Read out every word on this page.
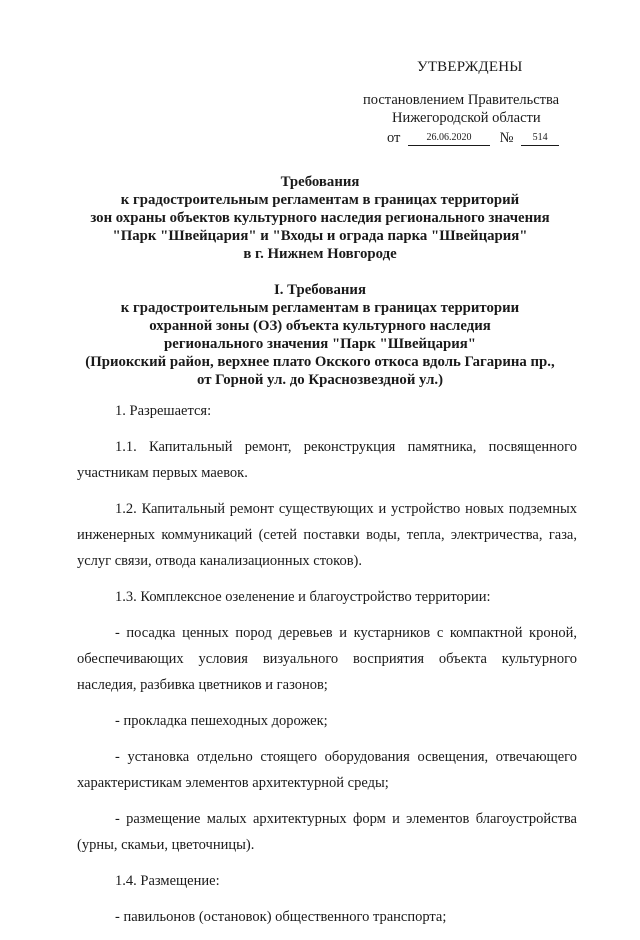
УТВЕРЖДЕНЫ
постановлением Правительства
Нижегородской области
от	26.06.2020 № 514
Требования
к градостроительным регламентам в границах территорий
зон охраны объектов культурного наследия регионального значения
"Парк "Швейцария" и "Входы и ограда парка "Швейцария"
в г. Нижнем Новгороде
I. Требования
к градостроительным регламентам в границах территории
охранной зоны (ОЗ) объекта культурного наследия
регионального значения "Парк "Швейцария"
(Приокский район, верхнее плато Окского откоса вдоль Гагарина пр.,
от Горной ул. до Краснозвездной ул.)

1. Разрешается:

1.1. Капитальный ремонт, реконструкция памятника, посвященного участникам первых маевок.

1.2. Капитальный ремонт существующих и устройство новых подземных инженерных коммуникаций (сетей поставки воды, тепла, электричества, газа, услуг связи, отвода канализационных стоков).

1.3. Комплексное озеленение и благоустройство территории:

- посадка ценных пород деревьев и кустарников с компактной кроной, обеспечивающих условия визуального восприятия объекта культурного наследия, разбивка цветников и газонов;

- прокладка пешеходных дорожек;

- установка отдельно стоящего оборудования освещения, отвечающего характеристикам элементов архитектурной среды;

- размещение малых архитектурных форм и элементов благоустройства (урны, скамьи, цветочницы).

1.4. Размещение:

- павильонов (остановок) общественного транспорта;
